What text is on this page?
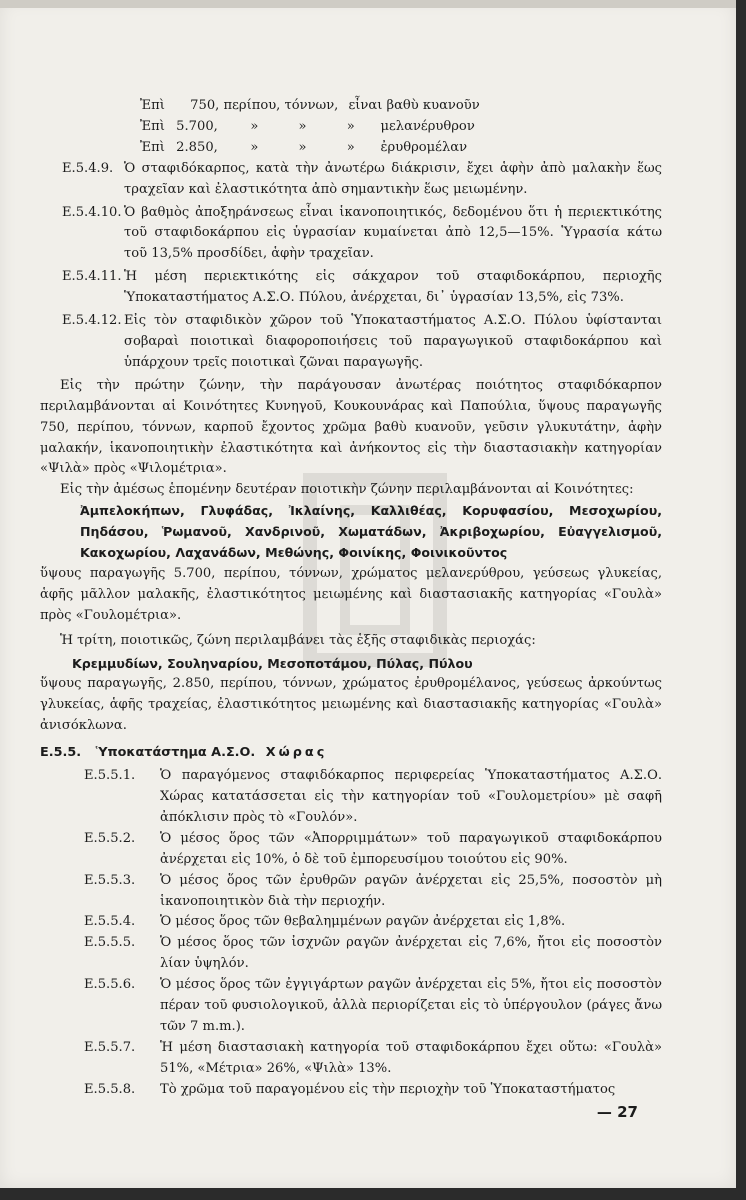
Ἐπὶ 750, περίπου, τόννων, εἶναι βαθὺ κυανοῦν
Ἐπὶ 5.700, » » » μελανέρυθρον
Ἐπὶ 2.850, » » » ἐρυθρομέλαν
E.5.4.9. Ὁ σταφιδόκαρπος, κατὰ τὴν ἀνωτέρω διάκρισιν, ἔχει ἁφὴν ἀπὸ μαλακὴν ἕως τραχεῖαν καὶ ἐλαστικότητα ἀπὸ σημαντικὴν ἕως μειωμένην.
E.5.4.10. Ὁ βαθμὸς ἀποξηράνσεως εἶναι ἱκανοποιητικός, δεδομένου ὅτι ἡ περιεκτικότης τοῦ σταφιδοκάρπου εἰς ὑγρασίαν κυμαίνεται ἀπὸ 12,5—15%. Ὑγρασία κάτω τοῦ 13,5% προσδίδει, ἁφὴν τραχεῖαν.
E.5.4.11. Ἡ μέση περιεκτικότης εἰς σάκχαρον τοῦ σταφιδοκάρπου, περιοχῆς Ὑποκαταστήματος Α.Σ.Ο. Πύλου, ἀνέρχεται, δι᾿ ὑγρασίαν 13,5%, εἰς 73%.
E.5.4.12. Εἰς τὸν σταφιδικὸν χῶρον τοῦ Ὑποκαταστήματος Α.Σ.Ο. Πύλου ὑφίστανται σοβαραὶ ποιοτικαὶ διαφοροποιήσεις τοῦ παραγωγικοῦ σταφιδοκάρπου καὶ ὑπάρχουν τρεῖς ποιοτικαὶ ζῶναι παραγωγῆς.
Εἰς τὴν πρώτην ζώνην, τὴν παράγουσαν ἀνωτέρας ποιότητος σταφιδόκαρπον περιλαμβάνονται αἱ Κοινότητες Κυνηγοῦ, Κουκουνάρας καὶ Παπούλια, ὕψους παραγωγῆς 750, περίπου, τόννων, καρποῦ ἔχοντος χρῶμα βαθὺ κυανοῦν, γεῦσιν γλυκυτάτην, ἁφὴν μαλακήν, ἱκανοποιητικὴν ἐλαστικότητα καὶ ἀνήκοντος εἰς τὴν διαστασιακὴν κατηγορίαν «Ψιλὰ» πρὸς «Ψιλομέτρια».
Εἰς τὴν ἀμέσως ἑπομένην δευτέραν ποιοτικὴν ζώνην περιλαμβάνονται αἱ Κοινότητες:
Ἀμπελοκήπων, Γλυφάδας, Ἰκλαίνης, Καλλιθέας, Κορυφασίου, Μεσοχωρίου, Πηδάσου, Ῥωμανοῦ, Χανδρινοῦ, Χωματάδων, Ἀκριβοχωρίου, Εὐαγγελισμοῦ, Κακοχωρίου, Λαχανάδων, Μεθώνης, Φοινίκης, Φοινικοῦντος
ὕψους παραγωγῆς 5.700, περίπου, τόννων, χρώματος μελανερύθρου, γεύσεως γλυκείας, ἁφῆς μᾶλλον μαλακῆς, ἐλαστικότητος μειωμένης καὶ διαστασιακῆς κατηγορίας «Γουλὰ» πρὸς «Γουλομέτρια».
Ἡ τρίτη, ποιοτικῶς, ζώνη περιλαμβάνει τὰς ἑξῆς σταφιδικὰς περιοχάς:
Κρεμμυδίων, Σουληναρίου, Μεσοποτάμου, Πύλας, Πύλου
ὕψους παραγωγῆς, 2.850, περίπου, τόννων, χρώματος ἐρυθρομέλανος, γεύσεως ἀρκούντως γλυκείας, ἁφῆς τραχείας, ἐλαστικότητος μειωμένης καὶ διαστασιακῆς κατηγορίας «Γουλὰ» ἀνισόκλωνα.
E.5.5. Ὑποκατάστημα Α.Σ.Ο. Χώρας
E.5.5.1. Ὁ παραγόμενος σταφιδόκαρπος περιφερείας Ὑποκαταστήματος Α.Σ.Ο. Χώρας κατατάσσεται εἰς τὴν κατηγορίαν τοῦ «Γουλομετρίου» μὲ σαφῆ ἀπόκλισιν πρὸς τὸ «Γουλόν».
E.5.5.2. Ὁ μέσος ὅρος τῶν «Ἀπορριμμάτων» τοῦ παραγωγικοῦ σταφιδοκάρπου ἀνέρχεται εἰς 10%, ὁ δὲ τοῦ ἐμπορευσίμου τοιούτου εἰς 90%.
E.5.5.3. Ὁ μέσος ὅρος τῶν ἐρυθρῶν ραγῶν ἀνέρχεται εἰς 25,5%, ποσοστὸν μὴ ἱκανοποιητικὸν διὰ τὴν περιοχήν.
E.5.5.4. Ὁ μέσος ὅρος τῶν θεβαλημμένων ραγῶν ἀνέρχεται εἰς 1,8%.
E.5.5.5. Ὁ μέσος ὅρος τῶν ἰσχνῶν ραγῶν ἀνέρχεται εἰς 7,6%, ἤτοι εἰς ποσοστὸν λίαν ὑψηλόν.
E.5.5.6. Ὁ μέσος ὅρος τῶν ἐγγιγάρτων ραγῶν ἀνέρχεται εἰς 5%, ἤτοι εἰς ποσοστὸν πέραν τοῦ φυσιολογικοῦ, ἀλλὰ περιορίζεται εἰς τὸ ὑπέργουλον (ράγες ἄνω τῶν 7 m.m.).
E.5.5.7. Ἡ μέση διαστασιακὴ κατηγορία τοῦ σταφιδοκάρπου ἔχει οὕτω: «Γουλὰ» 51%, «Μέτρια» 26%, «Ψιλὰ» 13%.
E.5.5.8. Τὸ χρῶμα τοῦ παραγομένου εἰς τὴν περιοχὴν τοῦ Ὑποκαταστήματος
— 27
